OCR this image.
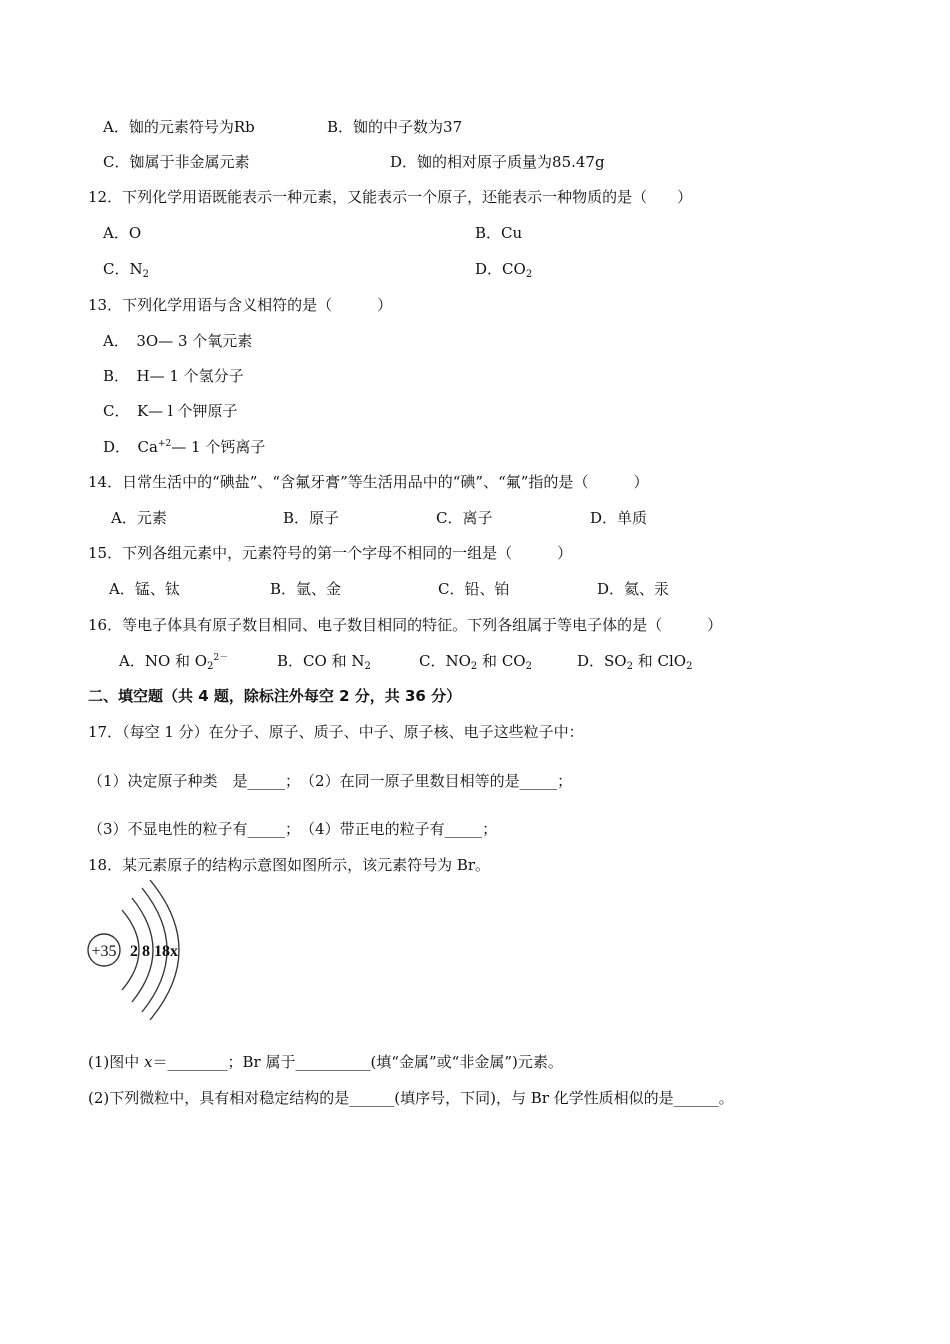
A．铷的元素符号为Rb	B．铷的中子数为37
C．铷属于非金属元素	D．铷的相对原子质量为85.47g
12．下列化学用语既能表示一种元素，又能表示一个原子，还能表示一种物质的是（　　）
A．O	B．Cu
C．$N_2$	D．$CO_2$
13．下列化学用语与含义相符的是（　　　）
A．　3O— 3 个氧元素
B．　H— 1 个氢分子
C．　K— l 个钾原子
D．　$Ca^{+2}—$ 1 个钙离子
14．日常生活中的“碘盐”、“含氟牙膏”等生活用品中的“碘”、“氟”指的是（　　　）
A．元素	B．原子	C．离子	D．单质
15．下列各组元素中，元素符号的第一个字母不相同的一组是（　　　）
A．锰、钛	B．氩、金	C．铅、铂	D．氦、汞
16．等电子体具有原子数目相同、电子数目相同的特征。下列各组属于等电子体的是（　　　）
A．NO 和 $O_2^{2-}$	B．CO 和 $N_2$	C．$NO_2$ 和 $CO_2$	D．$SO_2$ 和 ClO$_2$
二、填空题（共 4 题，除标注外每空 2 分，共 36 分）
17．（每空 1 分）在分子、原子、质子、中子、原子核、电子这些粒子中：
（1）决定原子种类　是_____；　（2）在同一原子里数目相等的是_____；
（3）不显电性的粒子有_____；　（4）带正电的粒子有_____；
18．某元素原子的结构示意图如图所示，该元素符号为 Br。
+35 2 8 18x
(1)图中 x＝________；Br 属于__________(填“金属”或“非金属”)元素。
(2)下列微粒中，具有相对稳定结构的是______(填序号，下同)，与 Br 化学性质相似的是______。
